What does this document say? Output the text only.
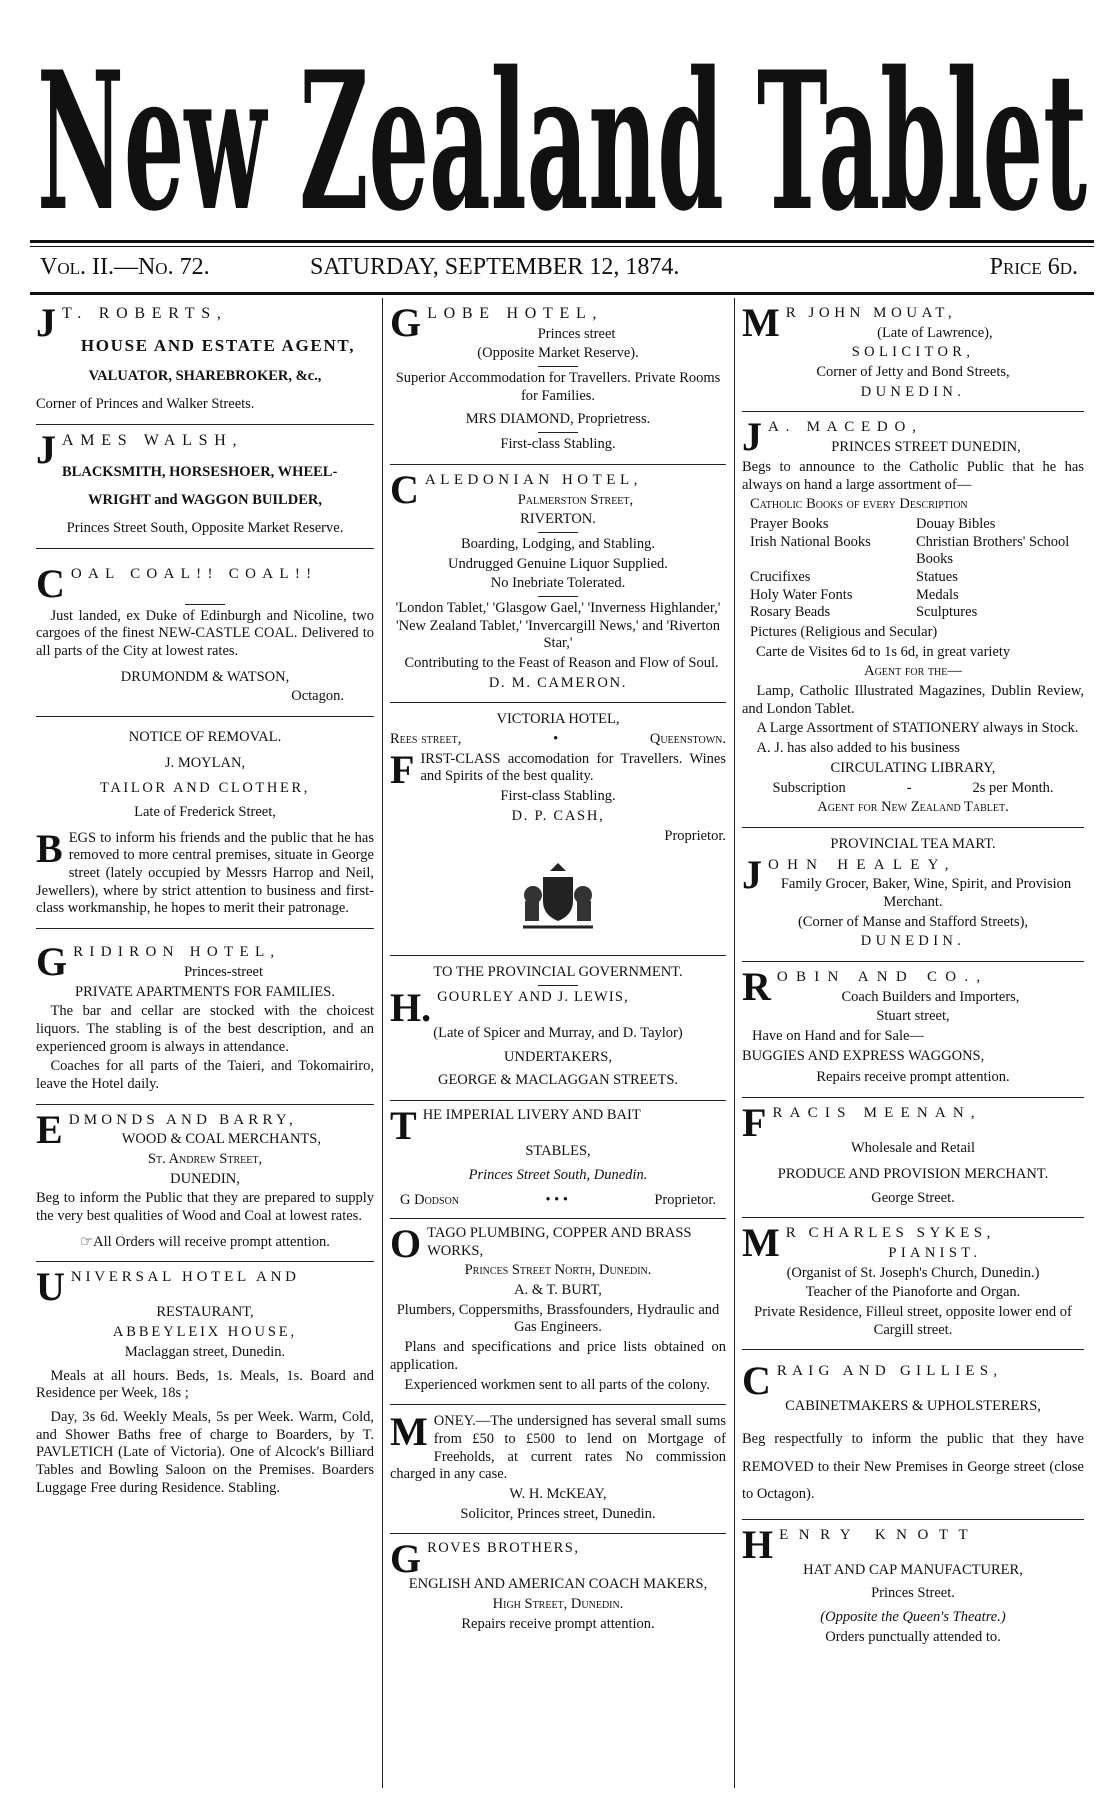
New Zealand Tablet
Vol. II.—No. 72.	SATURDAY, SEPTEMBER 12, 1874.	Price 6d.
J T. ROBERTS,

HOUSE AND ESTATE AGENT,

VALUATOR, SHAREBROKER, &c.,

Corner of Princes and Walker Streets.

JAMES WALSH,

BLACKSMITH, HORSESHOER, WHEEL-

WRIGHT and WAGGON BUILDER,

Princes Street South, Opposite Market Reserve.

COAL COAL!! COAL!!

Just landed, ex Duke of Edinburgh and Nicoline, two cargoes of the finest NEW-CASTLE COAL. Delivered to all parts of the City at lowest rates.

DRUMONDM & WATSON,

Octagon.

NOTICE OF REMOVAL.

J. MOYLAN,

TAILOR AND CLOTHER,

Late of Frederick Street,

BEGS to inform his friends and the public that he has removed to more central premises, situate in George street (lately occupied by Messrs Harrop and Neil, Jewellers), where by strict attention to business and first-class workmanship, he hopes to merit their patronage.

GRIDIRON HOTEL,

Princes-street

PRIVATE APARTMENTS FOR FAMILIES.

The bar and cellar are stocked with the choicest liquors. The stabling is of the best description, and an experienced groom is always in attendance.

Coaches for all parts of the Taieri, and Tokomairiro, leave the Hotel daily.

EDMONDS AND BARRY,

WOOD & COAL MERCHANTS,

St. Andrew Street,

DUNEDIN,

Beg to inform the Public that they are prepared to supply the very best qualities of Wood and Coal at lowest rates.

☞All Orders will receive prompt attention.

UNIVERSAL HOTEL AND

RESTAURANT,

ABBEYLEIX HOUSE,

Maclaggan street, Dunedin.

Meals at all hours. Beds, 1s. Meals, 1s. Board and Residence per Week, 18s ;

Day, 3s 6d. Weekly Meals, 5s per Week. Warm, Cold, and Shower Baths free of charge to Boarders, by T. PAVLETICH (Late of Victoria). One of Alcock's Billiard Tables and Bowling Saloon on the Premises. Boarders Luggage Free during Residence. Stabling.

GLOBE HOTEL,

Princes street

(Opposite Market Reserve).

Superior Accommodation for Travellers. Private Rooms for Families.

MRS DIAMOND, Proprietress.

First-class Stabling.

CALEDONIAN HOTEL,

Palmerston Street,

RIVERTON.

Boarding, Lodging, and Stabling.

Undrugged Genuine Liquor Supplied.

No Inebriate Tolerated.

'London Tablet,' 'Glasgow Gael,' 'Inverness Highlander,' 'New Zealand Tablet,' 'Invercargill News,' and 'Riverton Star,'

Contributing to the Feast of Reason and Flow of Soul.

D. M. CAMERON.

VICTORIA HOTEL,

Rees street,	•	Queenstown.

FIRST-CLASS accomodation for Travellers. Wines and Spirits of the best quality.

First-class Stabling.

D. P. CASH,

Proprietor.

TO THE PROVINCIAL GOVERNMENT.

H. GOURLEY AND J. LEWIS,

(Late of Spicer and Murray, and D. Taylor)

UNDERTAKERS,

GEORGE & MACLAGGAN STREETS.

THE IMPERIAL LIVERY AND BAIT

STABLES,

Princes Street South, Dunedin.

G Dodson	• • •	Proprietor.
OTAGO PLUMBING, COPPER AND BRASS WORKS,

Princes Street North, Dunedin.

A. & T. BURT,

Plumbers, Coppersmiths, Brassfounders, Hydraulic and Gas Engineers.

Plans and specifications and price lists obtained on application.

Experienced workmen sent to all parts of the colony.

MONEY.—The undersigned has several small sums from £50 to £500 to lend on Mortgage of Freeholds, at current rates No commission charged in any case.

W. H. McKEAY,

Solicitor, Princes street, Dunedin.

GROVES BROTHERS,

ENGLISH AND AMERICAN COACH MAKERS,

High Street, Dunedin.

Repairs receive prompt attention.

M R JOHN MOUAT,

(Late of Lawrence),

SOLICITOR,

Corner of Jetty and Bond Streets,

DUNEDIN.

J A. MACEDO,

PRINCES STREET DUNEDIN,

Begs to announce to the Catholic Public that he has always on hand a large assortment of—

Catholic Books of every Description

Prayer Books	Douay Bibles
Irish National Books	Christian Brothers' School Books
Crucifixes	Statues
Holy Water Fonts	Medals
Rosary Beads	Sculptures

Pictures (Religious and Secular)

Carte de Visites 6d to 1s 6d, in great variety

Agent for the—

Lamp, Catholic Illustrated Magazines, Dublin Review, and London Tablet.

A Large Assortment of STATIONERY always in Stock.

A. J. has also added to his business

CIRCULATING LIBRARY,

Subscription	-	2s per Month.

Agent for New Zealand Tablet.

PROVINCIAL TEA MART.

JOHN HEALEY,

Family Grocer, Baker, Wine, Spirit, and Provision Merchant.

(Corner of Manse and Stafford Streets),

DUNEDIN.

ROBIN AND CO.,

Coach Builders and Importers,

Stuart street,

Have on Hand and for Sale—

BUGGIES AND EXPRESS WAGGONS,

Repairs receive prompt attention.

FRACIS MEENAN,

Wholesale and Retail

PRODUCE AND PROVISION MERCHANT.

George Street.

M R CHARLES SYKES,

PIANIST.

(Organist of St. Joseph's Church, Dunedin.)

Teacher of the Pianoforte and Organ.

Private Residence, Filleul street, opposite lower end of Cargill street.

CRAIG AND GILLIES,

CABINETMAKERS & UPHOLSTERERS,

Beg respectfully to inform the public that they have REMOVED to their New Premises in George street (close to Octagon).

HENRY KNOTT

HAT AND CAP MANUFACTURER,

Princes Street.

(Opposite the Queen's Theatre.)

Orders punctually attended to.
